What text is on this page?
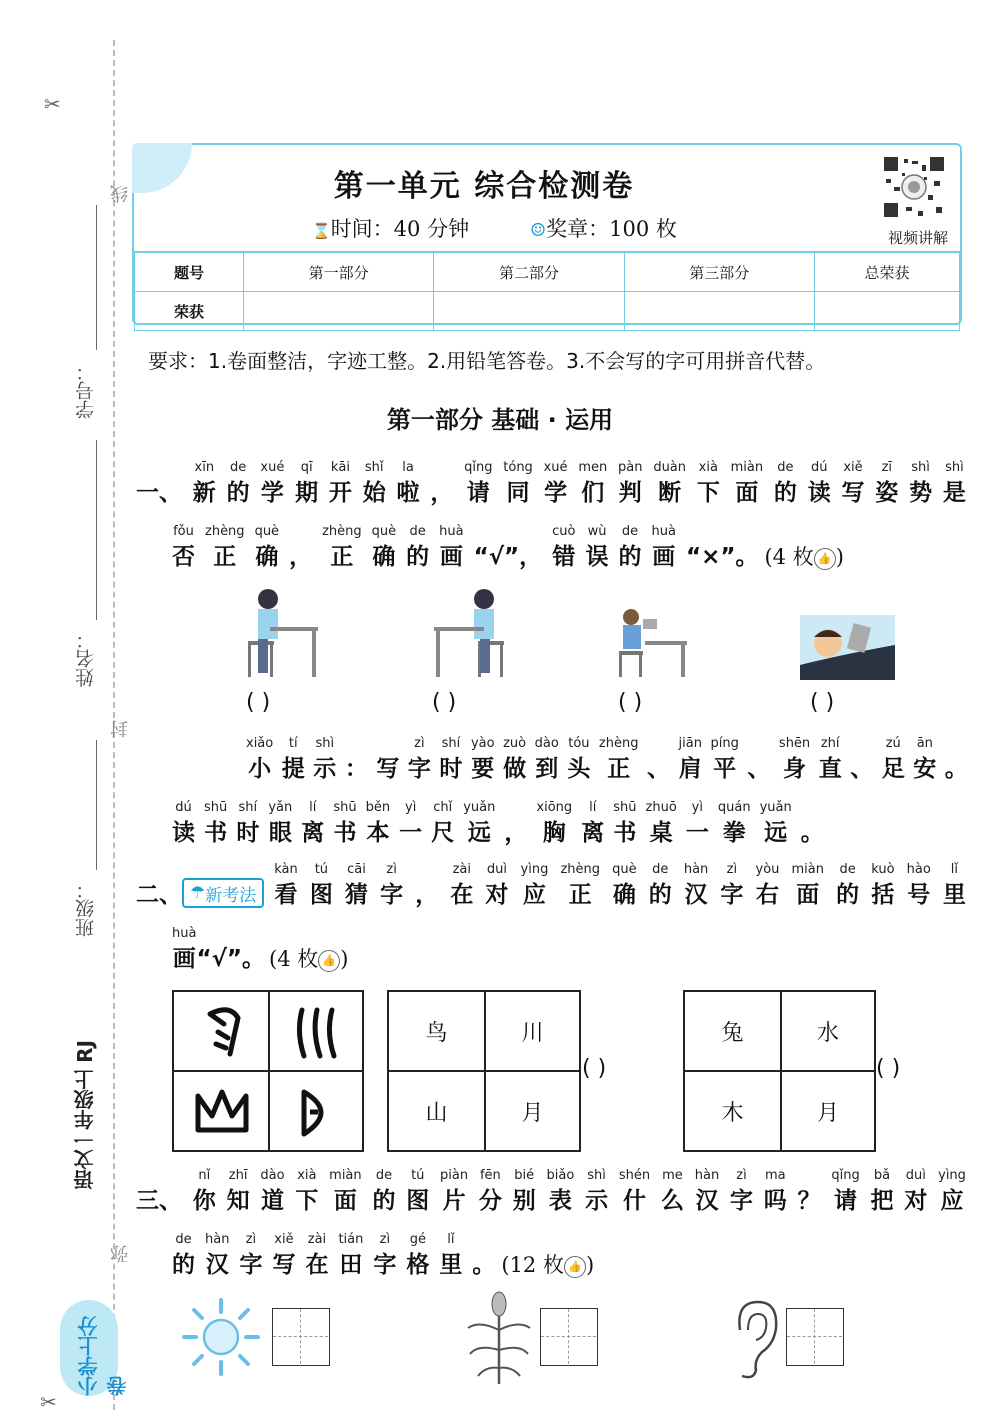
✂
✂
线
封
弥
学号：
姓名：
班级：
语文一年级上 RJ
小学上分卷
第一单元 综合检测卷
⌛时间：40 分钟	☺奖章：100 枚	视频讲解
题号	第一部分	第二部分	第三部分	总荣获
荣获				
要求：1.卷面整洁，字迹工整。2.用铅笔答卷。3.不会写的字可用拼音代替。
第一部分 基础 · 运用
一、
xīn
新
de
的
xué
学
qī
期
kāi
开
shǐ
始
la
啦 ，
qǐng
请
tóng
同
xué
学
men
们
pàn
判
duàn
断
xià
下
miàn
面
de
的
dú
读
xiě
写
zī
姿
shì
势
shì
是
fǒu
否
zhèng
正
què
确 ，
zhèng
正
què
确
de
的
huà
画 “√”，
cuò
错
wù
误
de
的
huà
画 “×”。 (4 枚 👍 )
( )	( )	( )	( )
xiǎo
小
tí
提
shì
示 ： 写
zì
字
shí
时
yào
要
zuò
做
dào
到
tóu
头
zhèng
正 、
jiān
肩
píng
平 、
shēn
身
zhí
直 、
zú
足
ān
安 。
dú
读
shū
书
shí
时
yǎn
眼
lí
离
shū
书
běn
本
yì
一
chǐ
尺
yuǎn
远 ，
xiōng
胸
lí
离
shū
书
zhuō
桌
yì
一
quán
拳
yuǎn
远 。
二、 ☂ 新考法
kàn
看
tú
图
cāi
猜
zì
字 ，
zài
在
duì
对
yìng
应
zhèng
正
què
确
de
的
hàn
汉
zì
字
yòu
右
miàn
面
de
的
kuò
括
hào
号
lǐ
里
huà
画 “√”。 (4 枚 👍 )
鸟	川
山	月
( )
兔	水
木	月
( )
三、
nǐ
你
zhī
知
dào
道
xià
下
miàn
面
de
的
tú
图
piàn
片
fēn
分
bié
别
biǎo
表
shì
示
shén
什
me
么
hàn
汉
zì
字
ma
吗 ？
qǐng
请
bǎ
把
duì
对
yìng
应
de
的
hàn
汉
zì
字
xiě
写
zài
在
tián
田
zì
字
gé
格
lǐ
里 。 (12 枚 👍 )
